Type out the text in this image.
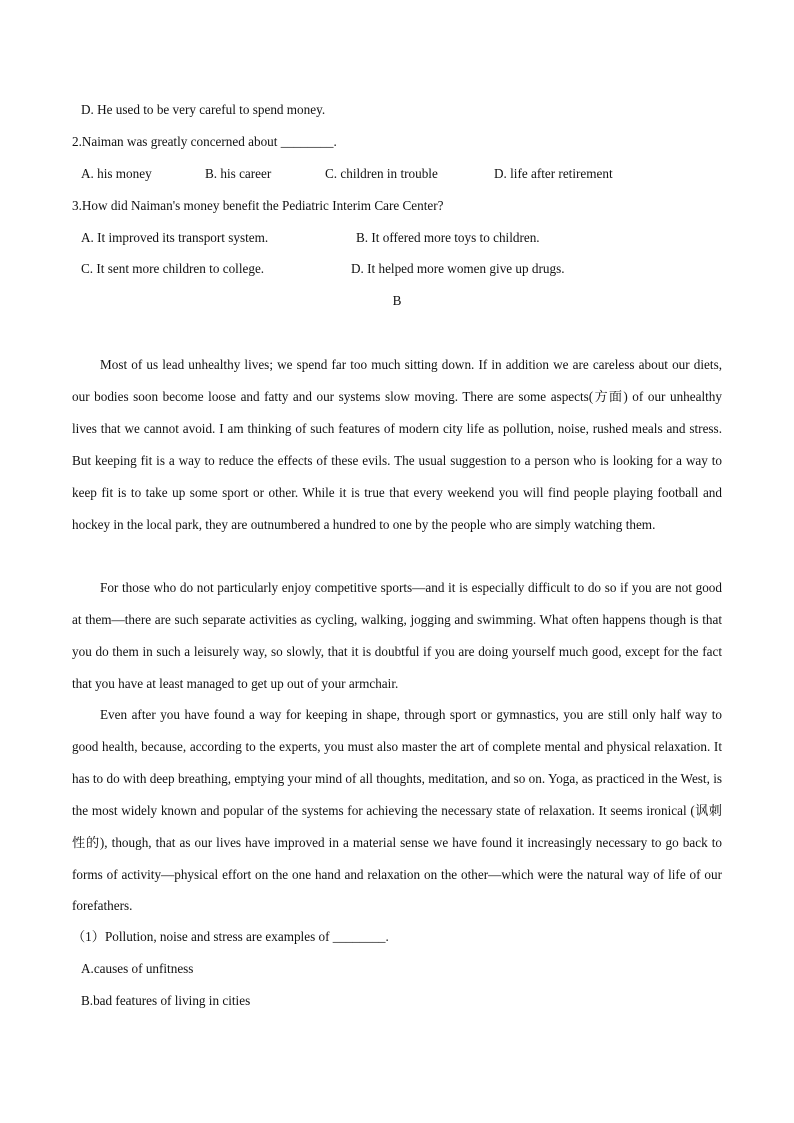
D. He used to be very careful to spend money.
2.Naiman was greatly concerned about ________.
A. his money	B. his career	C. children in trouble	D. life after retirement
3.How did Naiman's money benefit the Pediatric Interim Care Center?
A. It improved its transport system.	B. It offered more toys to children.
C. It sent more children to college.	D. It helped more women give up drugs.
B
Most of us lead unhealthy lives; we spend far too much sitting down. If in addition we are careless about our diets, our bodies soon become loose and fatty and our systems slow moving. There are some aspects(方面) of our unhealthy lives that we cannot avoid. I am thinking of such features of modern city life as pollution, noise, rushed meals and stress. But keeping fit is a way to reduce the effects of these evils. The usual suggestion to a person who is looking for a way to keep fit is to take up some sport or other. While it is true that every weekend you will find people playing football and hockey in the local park, they are outnumbered a hundred to one by the people who are simply watching them.
For those who do not particularly enjoy competitive sports—and it is especially difficult to do so if you are not good at them—there are such separate activities as cycling, walking, jogging and swimming. What often happens though is that you do them in such a leisurely way, so slowly, that it is doubtful if you are doing yourself much good, except for the fact that you have at least managed to get up out of your armchair.
Even after you have found a way for keeping in shape, through sport or gymnastics, you are still only half way to good health, because, according to the experts, you must also master the art of complete mental and physical relaxation. It has to do with deep breathing, emptying your mind of all thoughts, meditation, and so on. Yoga, as practiced in the West, is the most widely known and popular of the systems for achieving the necessary state of relaxation. It seems ironical (讽刺性的), though, that as our lives have improved in a material sense we have found it increasingly necessary to go back to forms of activity—physical effort on the one hand and relaxation on the other—which were the natural way of life of our forefathers.
（1）Pollution, noise and stress are examples of ________.
A.causes of unfitness
B.bad features of living in cities
